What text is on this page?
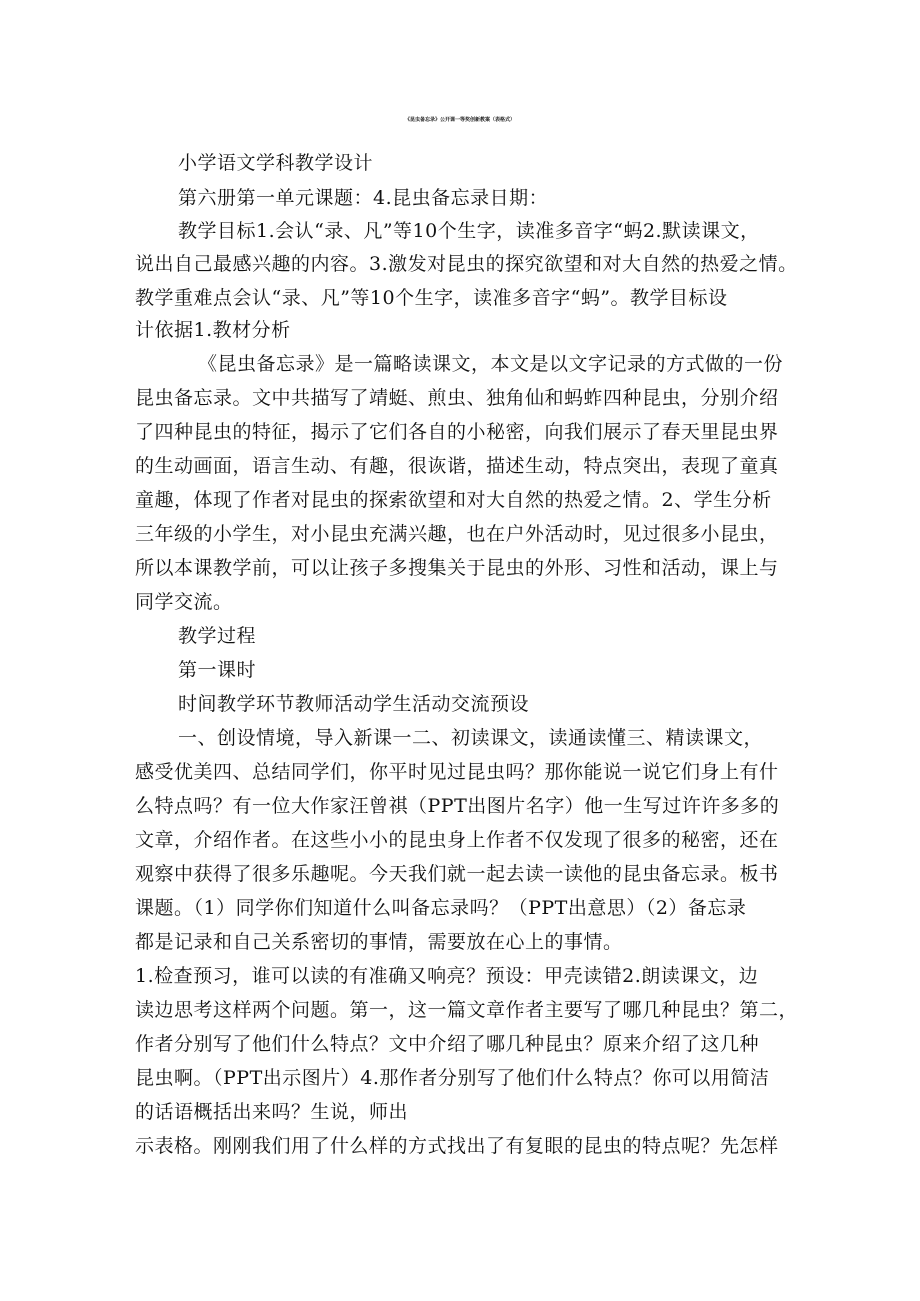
《昆虫备忘录》公开课一等奖创新教案（表格式）
小学语文学科教学设计
第六册第一单元课题：4.昆虫备忘录日期：
教学目标1.会认“录、凡”等10个生字，读准多音字“蚂2.默读课文，
说出自己最感兴趣的内容。3.激发对昆虫的探究欲望和对大自然的热爱之情。
教学重难点会认“录、凡”等10个生字，读准多音字“蚂”。教学目标设
计依据1.教材分析
《昆虫备忘录》是一篇略读课文，本文是以文字记录的方式做的一份
昆虫备忘录。文中共描写了靖蜓、煎虫、独角仙和蚂蚱四种昆虫，分别介绍
了四种昆虫的特征，揭示了它们各自的小秘密，向我们展示了春天里昆虫界
的生动画面，语言生动、有趣，很诙谐，描述生动，特点突出，表现了童真
童趣，体现了作者对昆虫的探索欲望和对大自然的热爱之情。2、学生分析
三年级的小学生，对小昆虫充满兴趣，也在户外活动时，见过很多小昆虫，
所以本课教学前，可以让孩子多搜集关于昆虫的外形、习性和活动，课上与
同学交流。
教学过程
第一课时
时间教学环节教师活动学生活动交流预设
一、创设情境，导入新课一二、初读课文，读通读懂三、精读课文，
感受优美四、总结同学们，你平时见过昆虫吗？那你能说一说它们身上有什
么特点吗？有一位大作家汪曾祺（PPT出图片名字）他一生写过许许多多的
文章，介绍作者。在这些小小的昆虫身上作者不仅发现了很多的秘密，还在
观察中获得了很多乐趣呢。今天我们就一起去读一读他的昆虫备忘录。板书
课题。（1）同学你们知道什么叫备忘录吗？（PPT出意思）（2）备忘录
都是记录和自己关系密切的事情，需要放在心上的事情。
1.检查预习，谁可以读的有准确又响亮？预设：甲壳读错2.朗读课文，边
读边思考这样两个问题。第一，这一篇文章作者主要写了哪几种昆虫？第二，
作者分别写了他们什么特点？文中介绍了哪几种昆虫？原来介绍了这几种
昆虫啊。（PPT出示图片）4.那作者分别写了他们什么特点？你可以用简洁
的话语概括出来吗？生说，师出
示表格。刚刚我们用了什么样的方式找出了有复眼的昆虫的特点呢？先怎样
